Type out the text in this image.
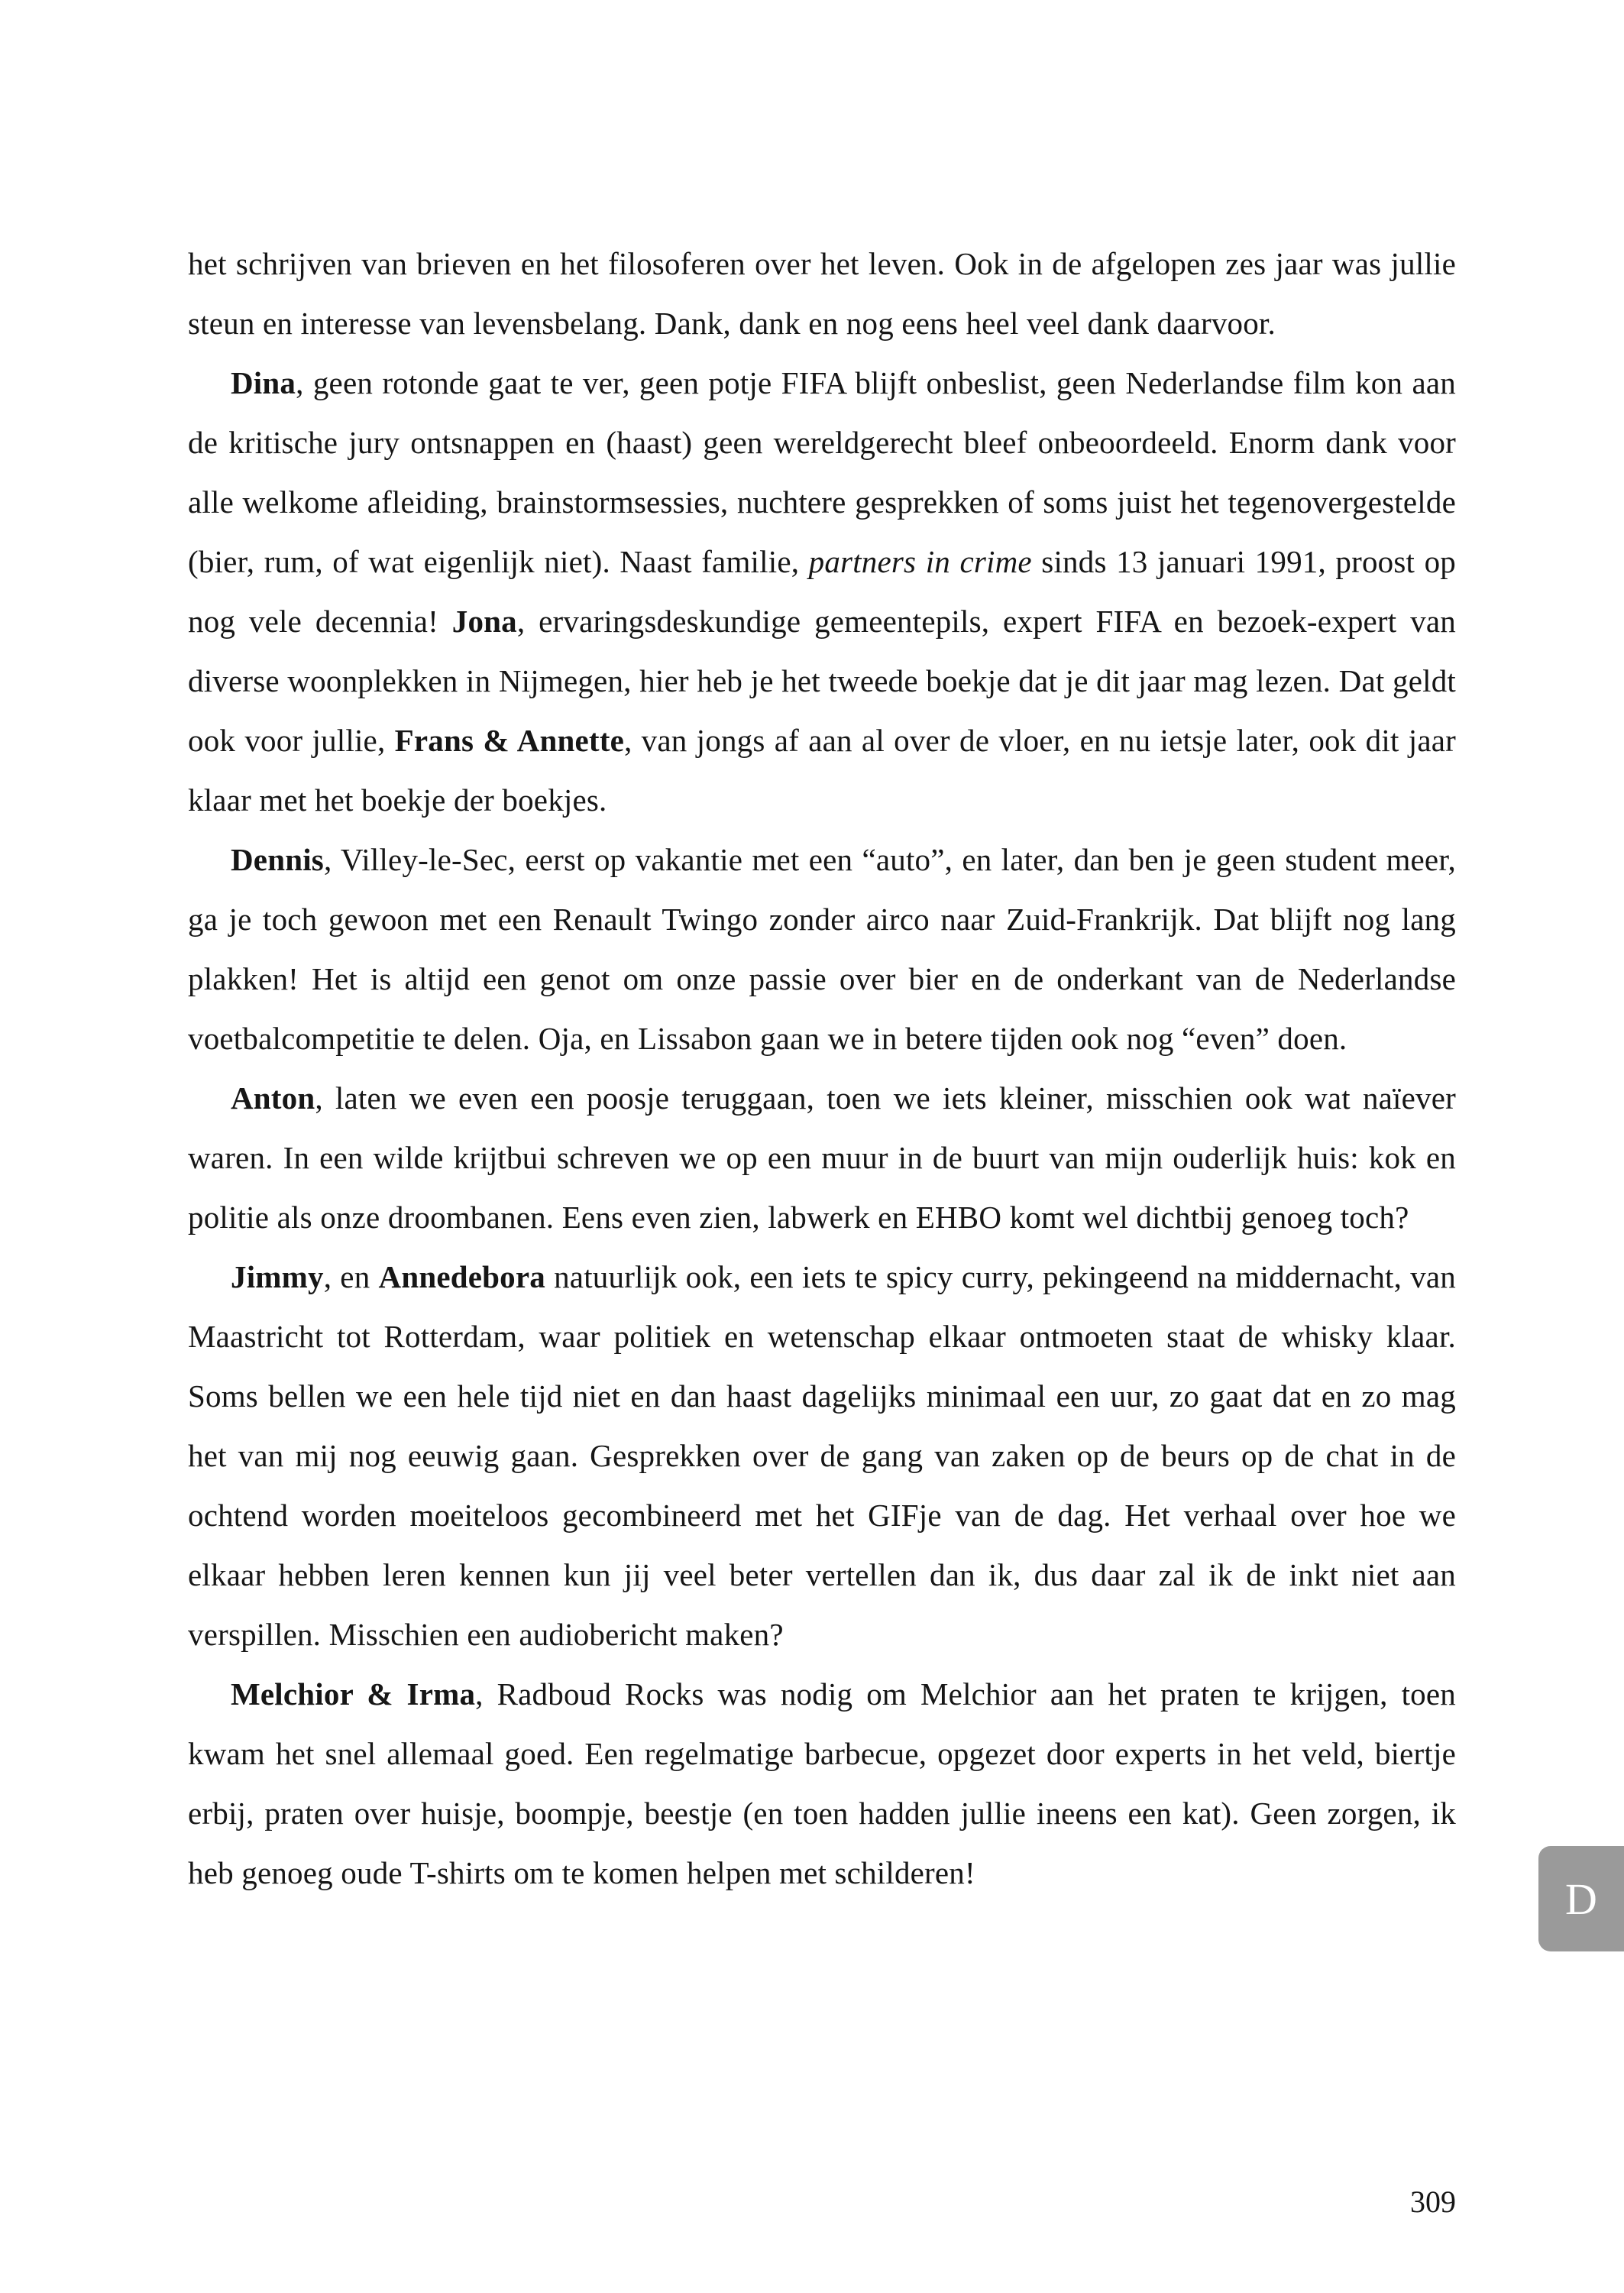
het schrijven van brieven en het filosoferen over het leven. Ook in de afgelopen zes jaar was jullie steun en interesse van levensbelang. Dank, dank en nog eens heel veel dank daarvoor.

Dina, geen rotonde gaat te ver, geen potje FIFA blijft onbeslist, geen Nederlandse film kon aan de kritische jury ontsnappen en (haast) geen wereldgerecht bleef onbeoordeeld. Enorm dank voor alle welkome afleiding, brainstormsessies, nuchtere gesprekken of soms juist het tegenovergestelde (bier, rum, of wat eigenlijk niet). Naast familie, partners in crime sinds 13 januari 1991, proost op nog vele decennia! Jona, ervaringsdeskundige gemeentepils, expert FIFA en bezoek-expert van diverse woonplekken in Nijmegen, hier heb je het tweede boekje dat je dit jaar mag lezen. Dat geldt ook voor jullie, Frans & Annette, van jongs af aan al over de vloer, en nu ietsje later, ook dit jaar klaar met het boekje der boekjes.

Dennis, Villey-le-Sec, eerst op vakantie met een “auto”, en later, dan ben je geen student meer, ga je toch gewoon met een Renault Twingo zonder airco naar Zuid-Frankrijk. Dat blijft nog lang plakken! Het is altijd een genot om onze passie over bier en de onderkant van de Nederlandse voetbalcompetitie te delen. Oja, en Lissabon gaan we in betere tijden ook nog “even” doen.

Anton, laten we even een poosje teruggaan, toen we iets kleiner, misschien ook wat naïever waren. In een wilde krijtbui schreven we op een muur in de buurt van mijn ouderlijk huis: kok en politie als onze droombanen. Eens even zien, labwerk en EHBO komt wel dichtbij genoeg toch?

Jimmy, en Annedebora natuurlijk ook, een iets te spicy curry, pekingeend na middernacht, van Maastricht tot Rotterdam, waar politiek en wetenschap elkaar ontmoeten staat de whisky klaar. Soms bellen we een hele tijd niet en dan haast dagelijks minimaal een uur, zo gaat dat en zo mag het van mij nog eeuwig gaan. Gesprekken over de gang van zaken op de beurs op de chat in de ochtend worden moeiteloos gecombineerd met het GIFje van de dag. Het verhaal over hoe we elkaar hebben leren kennen kun jij veel beter vertellen dan ik, dus daar zal ik de inkt niet aan verspillen. Misschien een audiobericht maken?

Melchior & Irma, Radboud Rocks was nodig om Melchior aan het praten te krijgen, toen kwam het snel allemaal goed. Een regelmatige barbecue, opgezet door experts in het veld, biertje erbij, praten over huisje, boompje, beestje (en toen hadden jullie ineens een kat). Geen zorgen, ik heb genoeg oude T-shirts om te komen helpen met schilderen!

D
309
